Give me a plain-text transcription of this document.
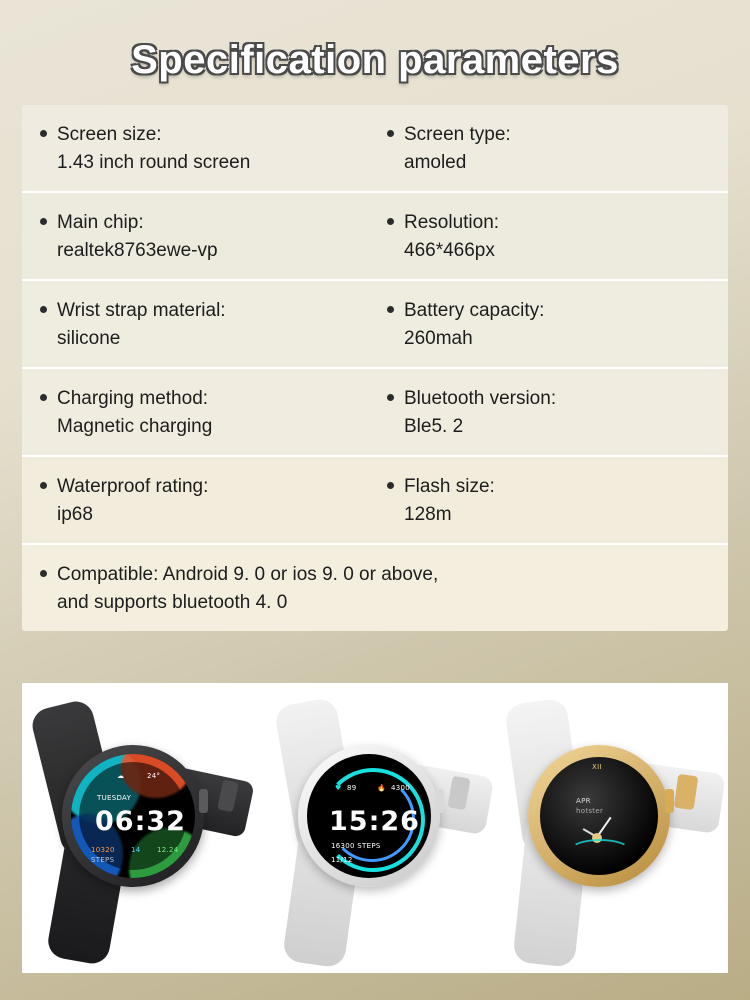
Specification parameters
Screen size:
1.43 inch round screen
Screen type:
amoled
Main chip:
realtek8763ewe-vp
Resolution:
466*466px
Wrist strap material:
silicone
Battery capacity:
260mah
Charging method:
Magnetic charging
Bluetooth version:
Ble5. 2
Waterproof rating:
ip68
Flash size:
128m
Compatible: Android 9. 0 or ios 9. 0 or above,
and supports bluetooth 4. 0
☁	24°
TUESDAY
06:32
10320 14 12.24
STEPS
♥ 89	🔥 4300
15:26
16300 STEPS
11/12
XII
APR
hotster
